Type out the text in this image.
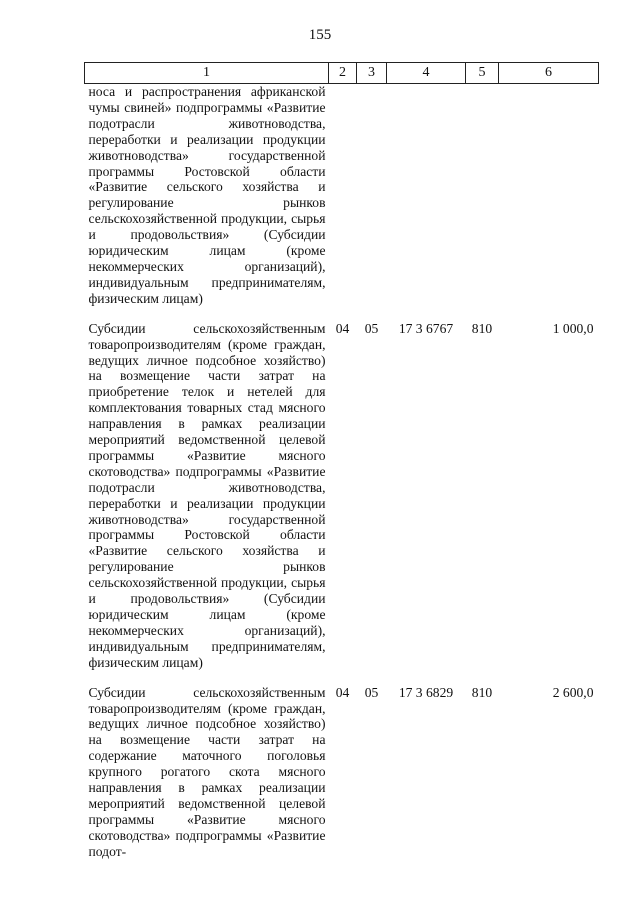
155
1	2	3	4	5	6

носа и распространения африканской чумы свиней» подпрограммы «Развитие подотрасли животноводства, переработки и реализации продукции животноводства» государственной программы Ростовской области «Развитие сельского хозяйства и регулирование рынков сельскохозяйственной продукции, сырья и продовольствия» (Субсидии юридическим лицам (кроме некоммерческих организаций), индивидуальным предпринимателям, физическим лицам)					

Субсидии сельскохозяйственным товаропроизводителям (кроме граждан, ведущих личное подсобное хозяйство) на возмещение части затрат на приобретение телок и нетелей для комплектования товарных стад мясного направления в рамках реализации мероприятий ведомственной целевой программы «Развитие мясного скотоводства» подпрограммы «Развитие подотрасли животноводства, переработки и реализации продукции животноводства» государственной программы Ростовской области «Развитие сельского хозяйства и регулирование рынков сельскохозяйственной продукции, сырья и продовольствия» (Субсидии юридическим лицам (кроме некоммерческих организаций), индивидуальным предпринимателям, физическим лицам)	04	05	17 3 6767	810	1 000,0

Субсидии сельскохозяйственным товаропроизводителям (кроме граждан, ведущих личное подсобное хозяйство) на возмещение части затрат на содержание маточного поголовья крупного рогатого скота мясного направления в рамках реализации мероприятий ведомственной целевой программы «Развитие мясного скотоводства» подпрограммы «Развитие подот-	04	05	17 3 6829	810	2 600,0
